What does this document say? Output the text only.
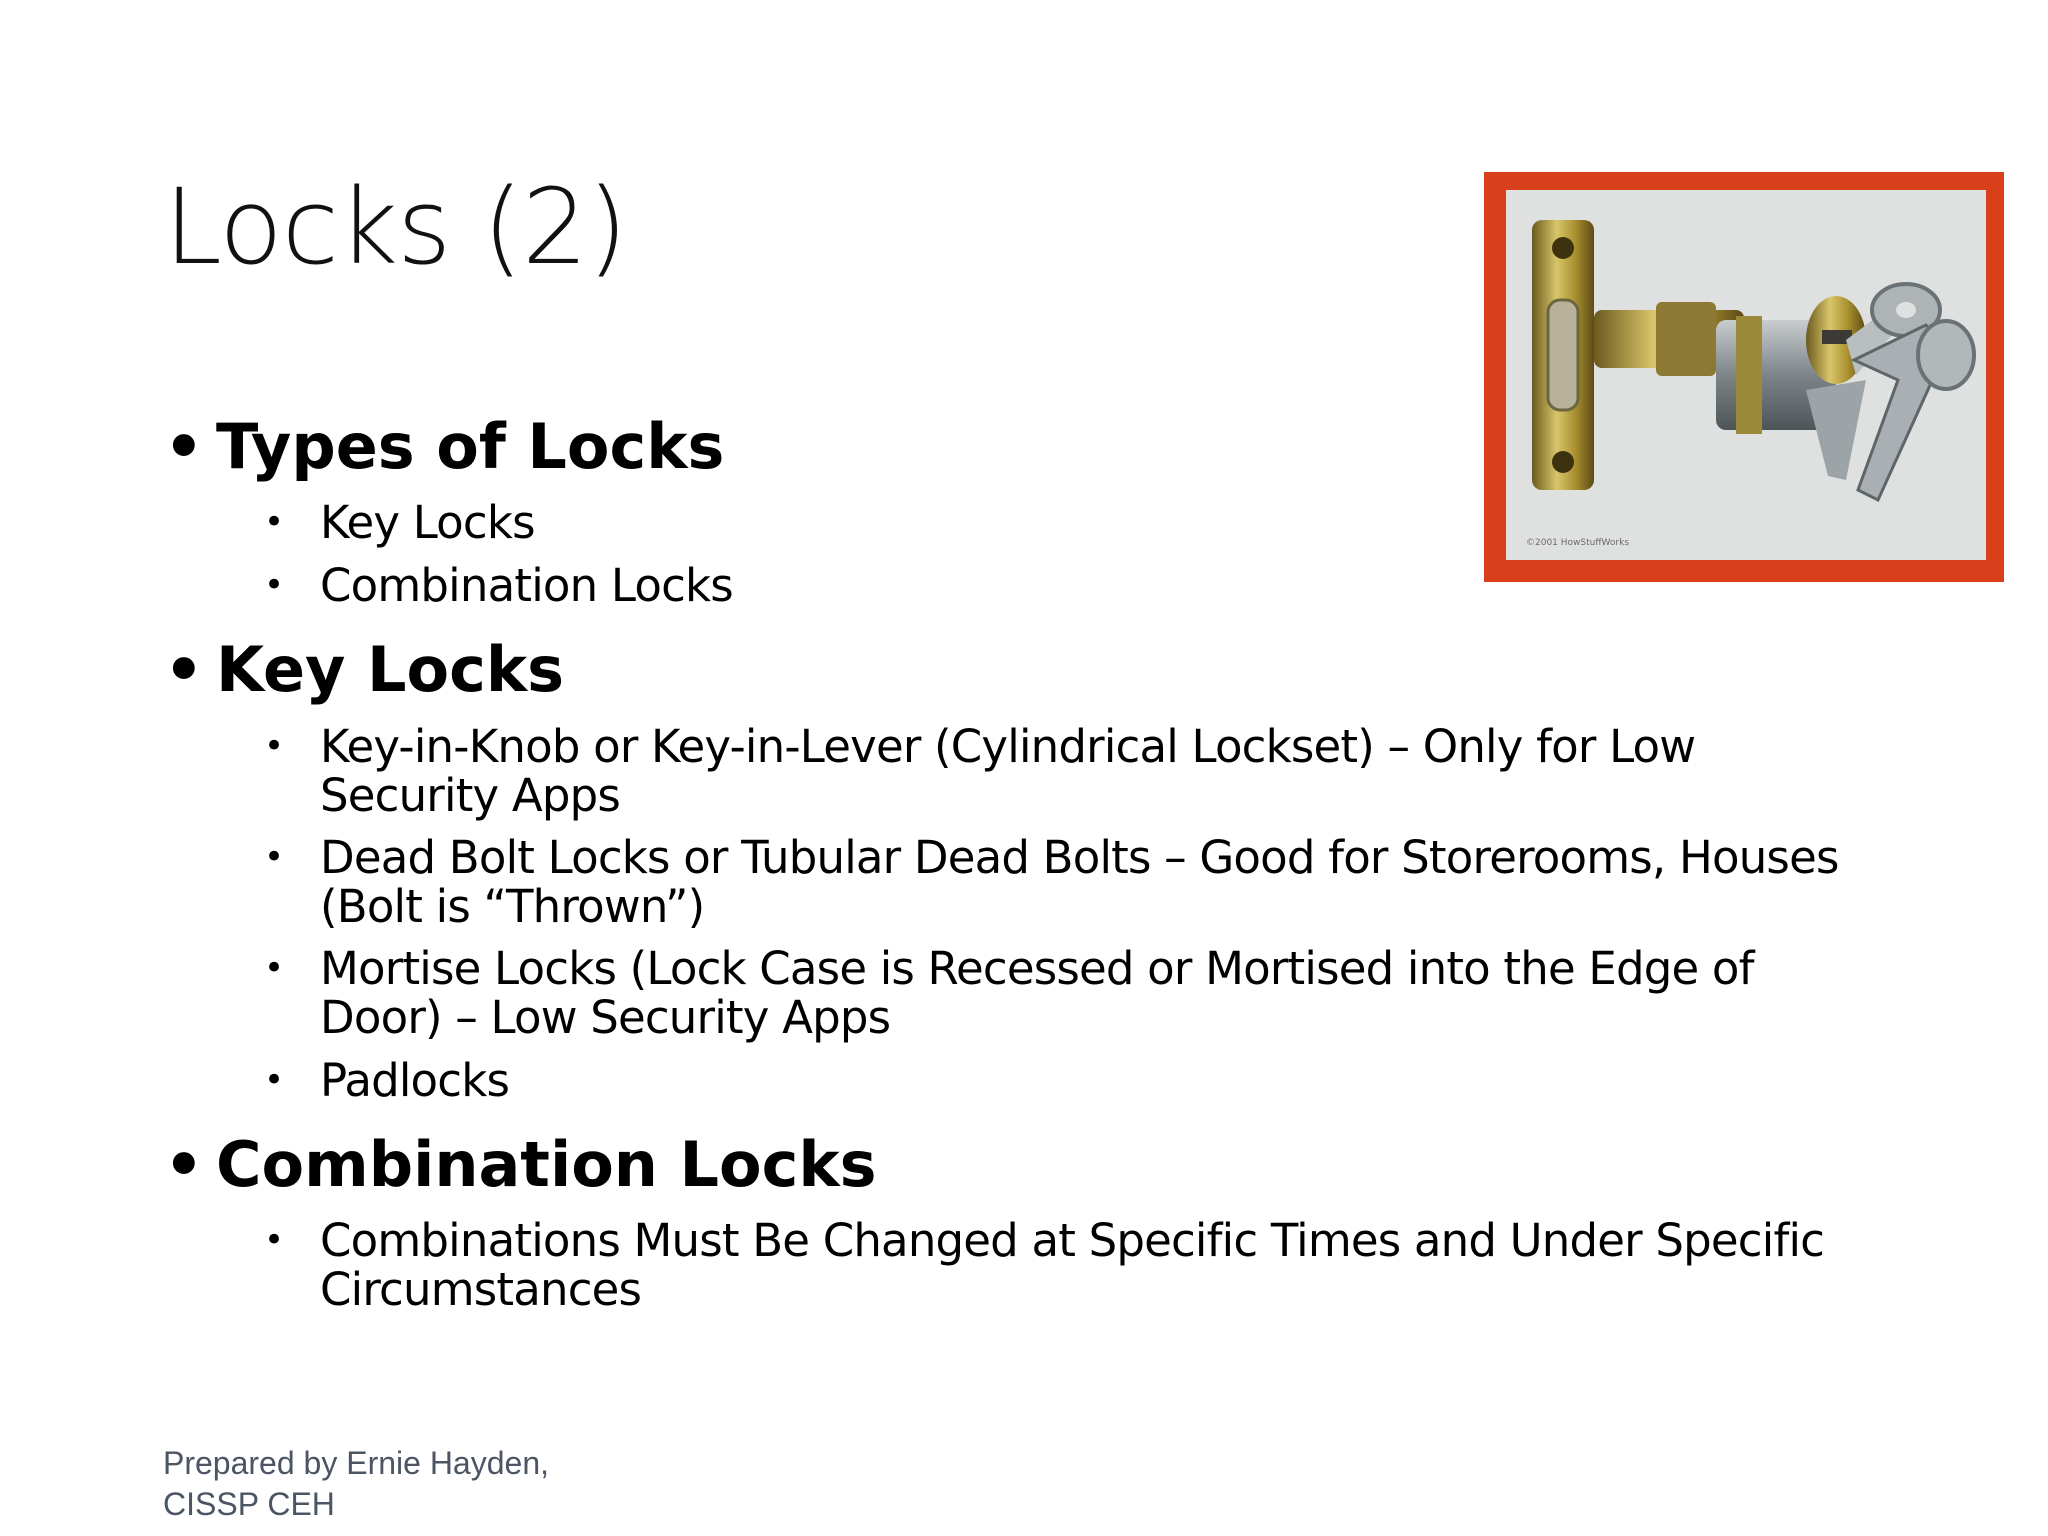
Locks (2)
©2001 HowStuffWorks
• Types of Locks
• Key Locks
• Combination Locks
• Key Locks
• Key-in-Knob or Key-in-Lever (Cylindrical Lockset) – Only for Low Security Apps
• Dead Bolt Locks or Tubular Dead Bolts – Good for Storerooms, Houses (Bolt is “Thrown”)
• Mortise Locks (Lock Case is Recessed or Mortised into the Edge of Door) – Low Security Apps
• Padlocks
• Combination Locks
• Combinations Must Be Changed at Specific Times and Under Specific Circumstances
Prepared by Ernie Hayden,
CISSP CEH
